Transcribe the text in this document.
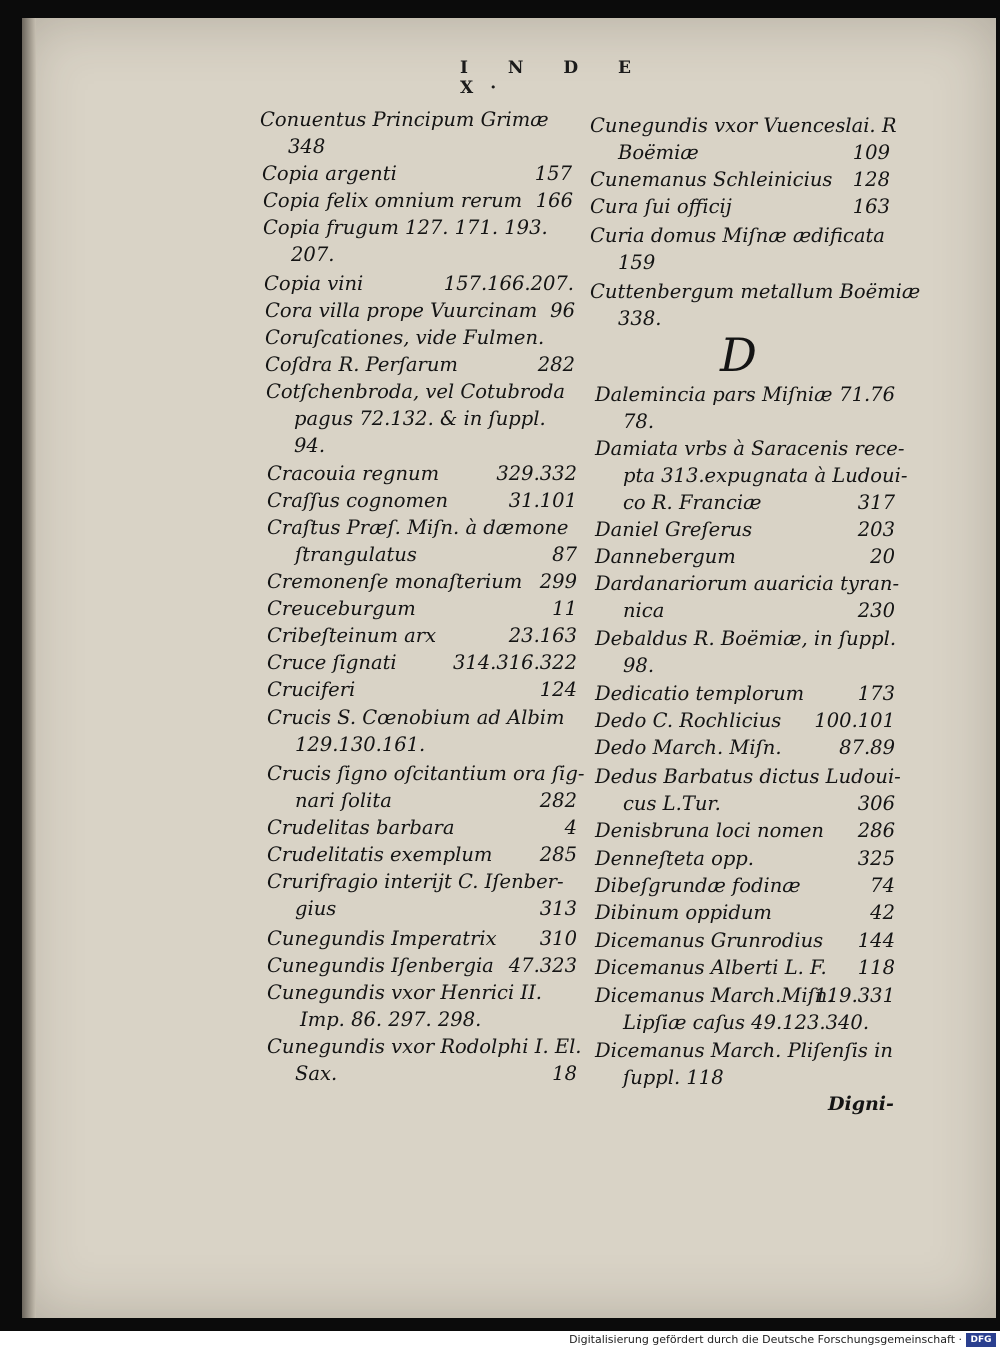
I N D E X·
Conuentus Principum Grimæ
348
Copia argenti	157
Copia felix omnium rerum 166
Copia frugum 127. 171. 193.
207.
Copia vini	157.166.207.
Cora villa prope Vuurcinam 96
Coruſcationes, vide Fulmen.
Coſdra R. Perſarum	282
Cotſchenbroda, vel Cotubroda
pagus 72.132. & in ſuppl.
94.
Cracouia regnum	329.332
Craſſus cognomen	31.101
Craſtus Præſ. Miſn. à dæmone
ſtrangulatus	87
Cremonenſe monaſterium 299
Creuceburgum	11
Cribeſteinum arx	23.163
Cruce ſignati	314.316.322
Cruciferi	124
Crucis S. Cœnobium ad Albim
129.130.161.
Crucis ſigno oſcitantium ora ſig-
nari ſolita	282
Crudelitas barbara	4
Crudelitatis exemplum 285
Crurifragio interijt C. Iſenber-
gius	313
Cunegundis Imperatrix 310
Cunegundis Iſenbergia 47.323
Cunegundis vxor Henrici II.
Imp. 86. 297. 298.
Cunegundis vxor Rodolphi I. El.
Sax.	18
Cunegundis vxor Vuenceslai. R
Boëmiæ	109
Cunemanus Schleinicius 128
Cura ſui officij	163
Curia domus Miſnæ ædificata
159
Cuttenbergum metallum Boëmiæ
338.
D
Dalemincia pars Miſniæ 71.76
78.
Damiata vrbs à Saracenis rece-
pta 313.expugnata à Ludoui-
co R. Franciæ	317
Daniel Greſerus	203
Dannebergum	20
Dardanariorum auaricia tyran-
nica	230
Debaldus R. Boëmiæ, in ſuppl.
98.
Dedicatio templorum	173
Dedo C. Rochlicius 100.101
Dedo March. Miſn.	87.89
Dedus Barbatus dictus Ludoui-
cus L.Tur.	306
Denisbruna loci nomen 286
Denneſteta opp.	325
Dibeſgrundæ fodinæ	74
Dibinum oppidum	42
Dicemanus Grunrodius 144
Dicemanus Alberti L. F. 118
Dicemanus March.Miſn.
119.331
Lipſiæ caſus 49.123.340.
Dicemanus March. Pliſenſis in
ſuppl. 118
Digni-
Digitalisierung gefördert durch die Deutsche Forschungsgemeinschaft · DFG
